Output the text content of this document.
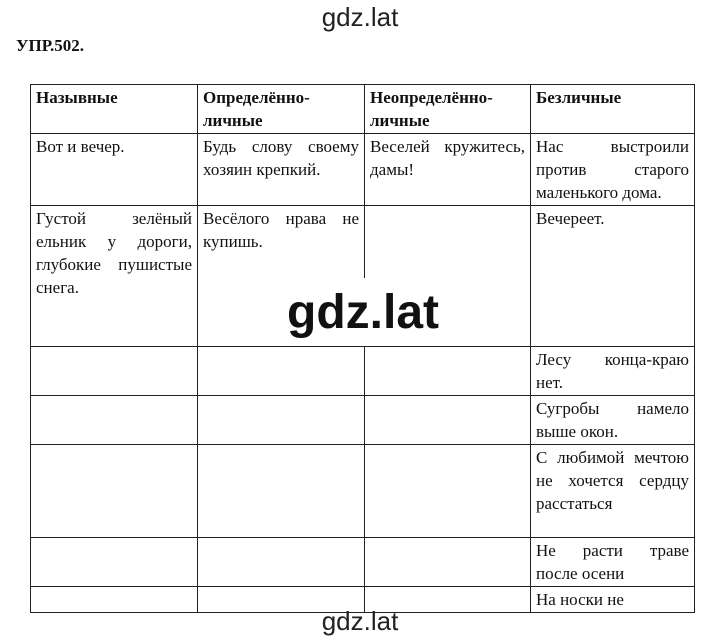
gdz.lat
УПР.502.
Назывные	Определённо-личные	Неопределённо-личные	Безличные
Вот и вечер.	Будь слову своему хозяин крепкий.	Веселей кружитесь, дамы!	Нас выстроили против старого маленького дома.
Густой зелёный ельник у дороги, глубокие пушистые снега.	Весёлого нрава не купишь.		Вечереет.
			Лесу конца-краю нет.
			Сугробы намело выше окон.
			С любимой мечтою не хочется сердцу расстаться
			Не расти траве после осени
			На носки не
gdz.lat
gdz.lat
